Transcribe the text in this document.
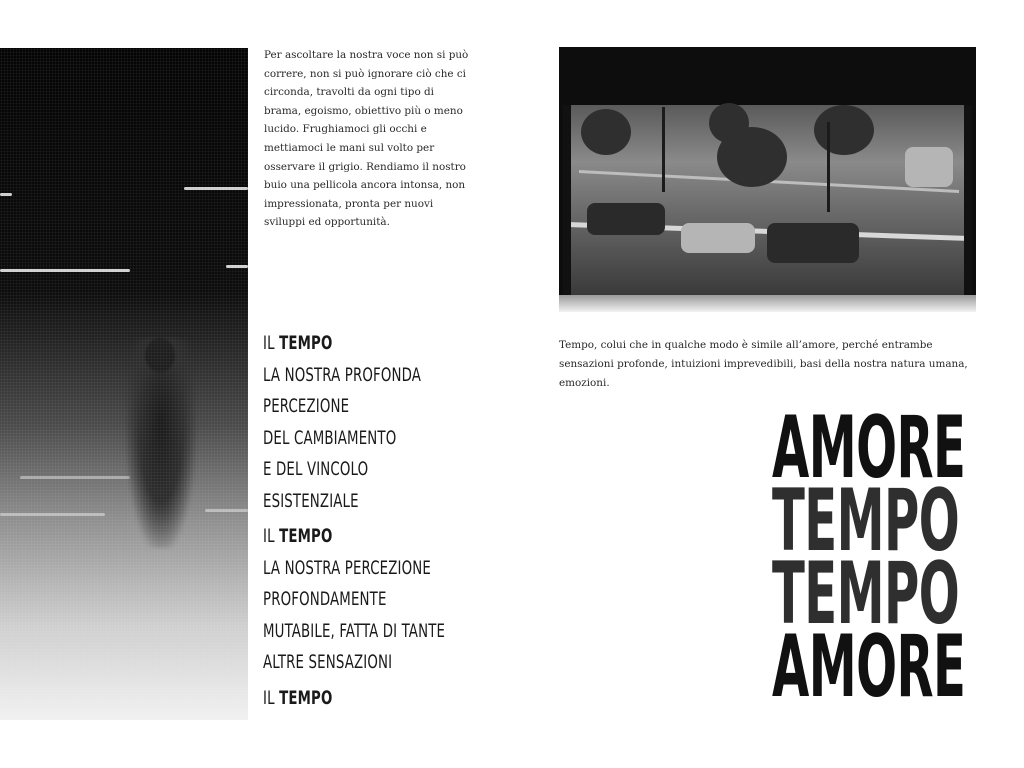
Per ascoltare la nostra voce non si può correre, non si può ignorare ciò che ci circonda, travolti da ogni tipo di brama, egoismo, obiettivo più o meno lucido. Frughiamoci gli occhi e mettiamoci le mani sul volto per osservare il grigio. Rendiamo il nostro buio una pellicola ancora intonsa, non impressionata, pronta per nuovi sviluppi ed opportunità.

IL TEMPO
LA NOSTRA PROFONDA
PERCEZIONE
DEL CAMBIAMENTO
E DEL VINCOLO
ESISTENZIALE
IL TEMPO
LA NOSTRA PERCEZIONE
PROFONDAMENTE
MUTABILE, FATTA DI TANTE
ALTRE SENSAZIONI
IL TEMPO

Tempo, colui che in qualche modo è simile all’amore, perché entrambe sensazioni profonde, intuizioni imprevedibili, basi della nostra natura umana, emozioni.

AMORE
TEMPO
TEMPO
AMORE
